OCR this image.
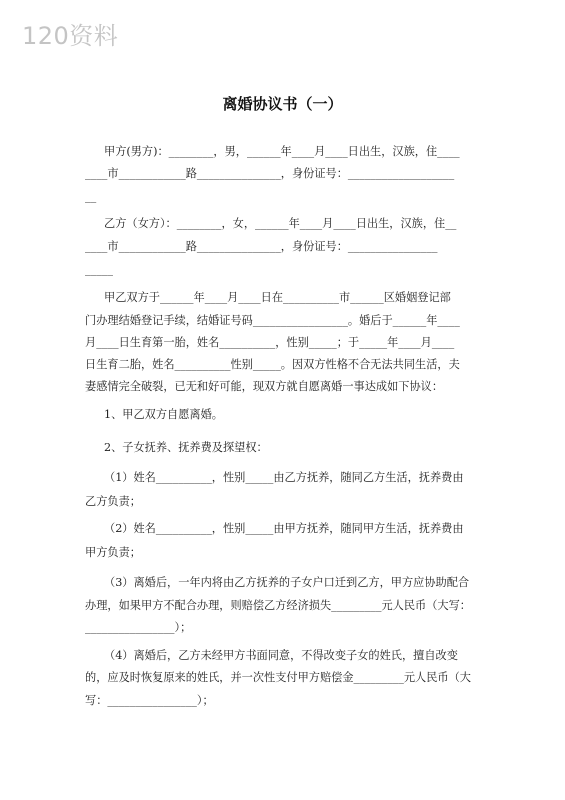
120资料
离婚协议书（一）
甲方(男方)：________，男，______年____月____日出生，汉族，住____
____市____________路_______________，身份证号：___________________
__
乙方（女方）：________，女，______年____月____日出生，汉族，住__
____市____________路_______________，身份证号：________________
_____
甲乙双方于______年____月____日在__________市______区婚姻登记部
门办理结婚登记手续，结婚证号码_________________。婚后于______年____
月____日生育第一胎，姓名__________，性别_____；于_____年____月____
日生育二胎，姓名__________性别_____。因双方性格不合无法共同生活，夫
妻感情完全破裂，已无和好可能，现双方就自愿离婚一事达成如下协议：
1、甲乙双方自愿离婚。
2、子女抚养、抚养费及探望权：
（1）姓名__________，性别_____由乙方抚养，随同乙方生活，抚养费由
乙方负责；
（2）姓名__________，性别_____由甲方抚养，随同甲方生活，抚养费由
甲方负责；
（3）离婚后，一年内将由乙方抚养的子女户口迁到乙方，甲方应协助配合
办理，如果甲方不配合办理，则赔偿乙方经济损失_________元人民币（大写：
________________）；
（4）离婚后，乙方未经甲方书面同意，不得改变子女的姓氏，擅自改变
的，应及时恢复原来的姓氏，并一次性支付甲方赔偿金_________元人民币（大
写：________________）；
